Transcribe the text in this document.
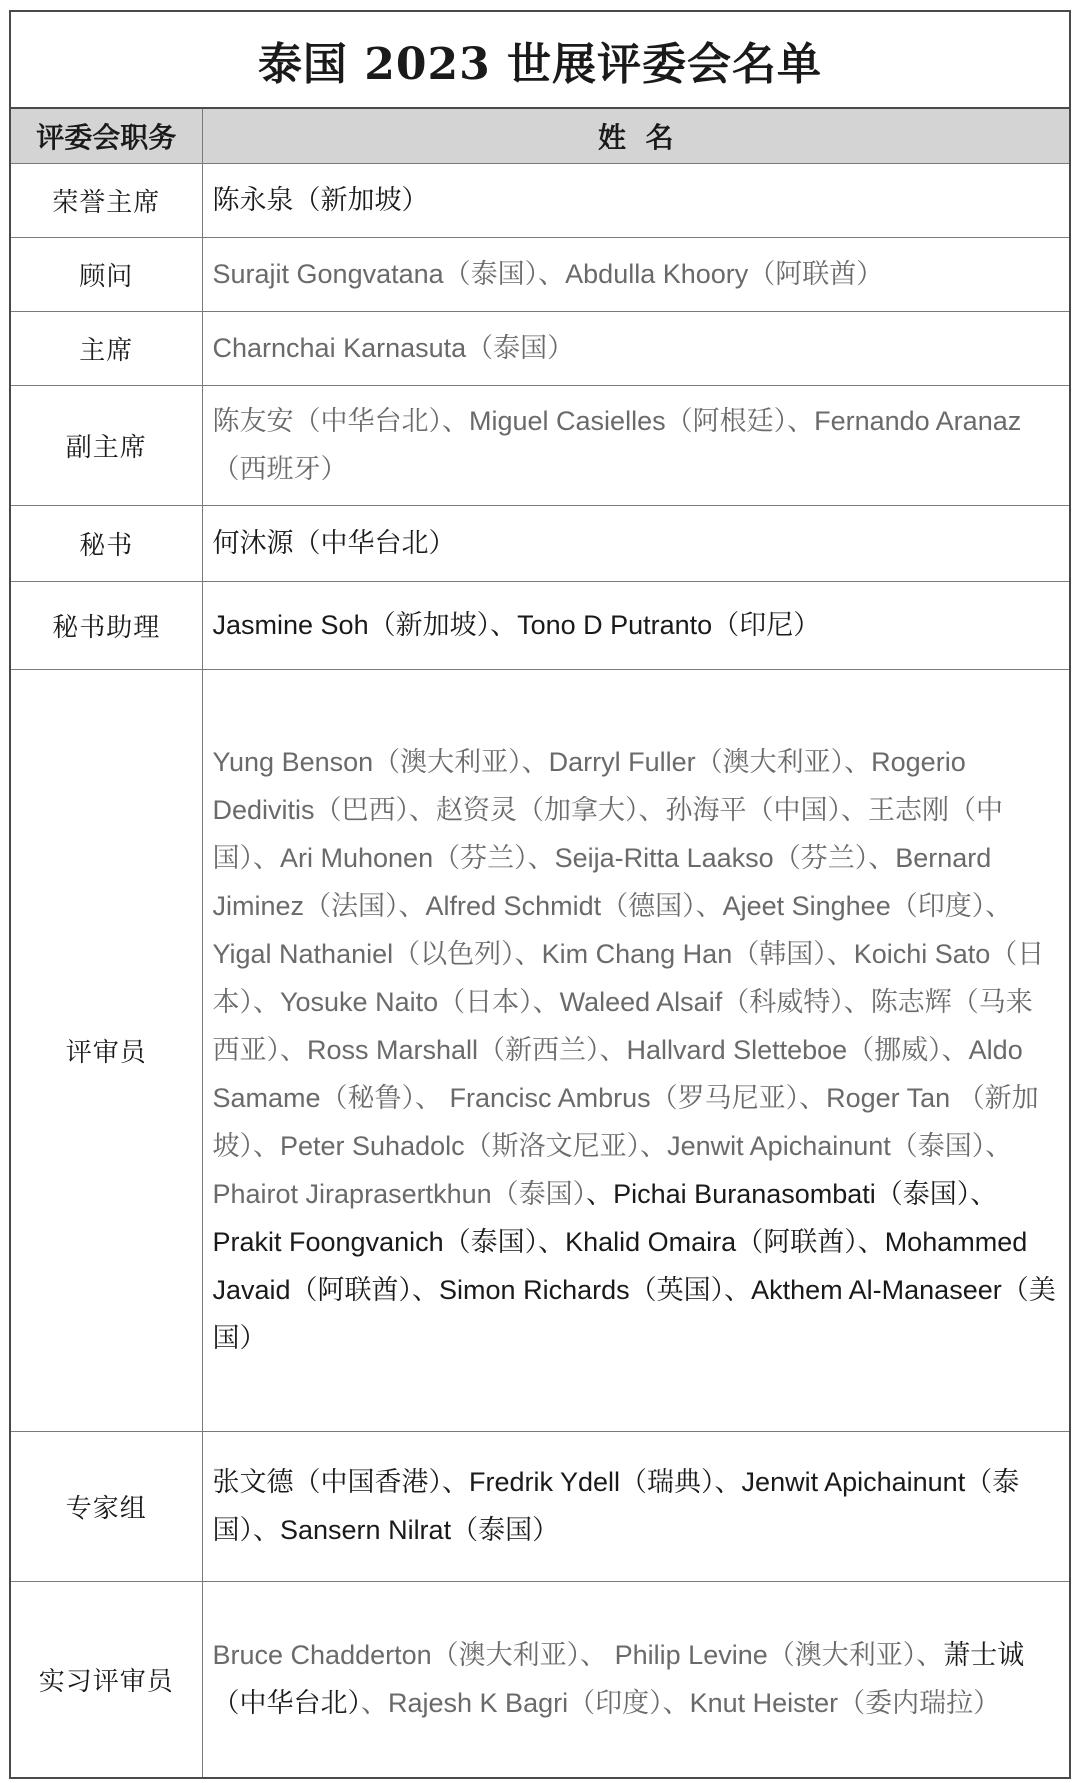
泰国 2023 世展评委会名单
评委会职务	姓  名
荣誉主席	陈永泉（新加坡）
顾问	Surajit Gongvatana（泰国）、Abdulla Khoory（阿联酋）
主席	Charnchai Karnasuta（泰国）
副主席	陈友安（中华台北）、Miguel Casielles（阿根廷）、Fernando Aranaz（西班牙）
秘书	何沐源（中华台北）
秘书助理	Jasmine Soh（新加坡）、Tono D Putranto（印尼）
评审员	Yung Benson（澳大利亚）、Darryl Fuller（澳大利亚）、Rogerio Dedivitis（巴西）、赵资灵（加拿大）、孙海平（中国）、王志刚（中国）、Ari Muhonen（芬兰）、Seija-Ritta Laakso（芬兰）、Bernard Jiminez（法国）、Alfred Schmidt（德国）、Ajeet Singhee（印度）、Yigal Nathaniel（以色列）、Kim Chang Han（韩国）、Koichi Sato（日本）、Yosuke Naito（日本）、Waleed Alsaif（科威特）、陈志辉（马来西亚）、Ross Marshall（新西兰）、Hallvard Sletteboe（挪威）、Aldo Samame（秘鲁）、 Francisc Ambrus（罗马尼亚）、Roger Tan （新加坡）、Peter Suhadolc（斯洛文尼亚）、Jenwit Apichainunt（泰国）、Phairot Jiraprasertkhun（泰国）、Pichai Buranasombati（泰国）、Prakit Foongvanich（泰国）、Khalid Omaira（阿联酋）、Mohammed Javaid（阿联酋）、Simon Richards（英国）、Akthem Al-Manaseer（美国）
专家组	张文德（中国香港）、Fredrik Ydell（瑞典）、Jenwit Apichainunt（泰国）、Sansern Nilrat（泰国）
实习评审员	Bruce Chadderton（澳大利亚）、 Philip Levine（澳大利亚）、萧士诚（中华台北）、Rajesh K Bagri（印度）、Knut Heister（委内瑞拉）
